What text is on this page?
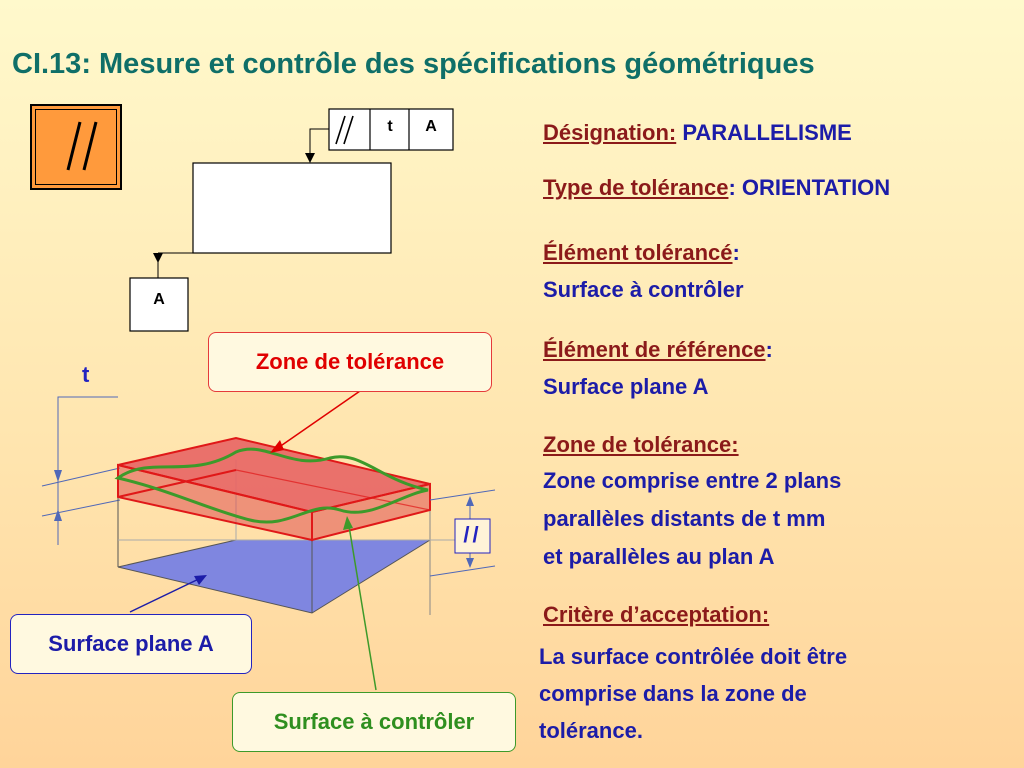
CI.13: Mesure et contrôle des spécifications géométriques
t	A
A
t
//
Zone de tolérance
Surface plane A
Surface à contrôler
Désignation: PARALLELISME
Type de tolérance: ORIENTATION
Élément tolérancé:
Surface à contrôler
Élément de référence:
Surface plane A
Zone de tolérance:
Zone comprise entre 2 plans
parallèles distants de t mm
et parallèles au plan A
Critère d’acceptation:
La surface contrôlée doit être
comprise dans la zone de
tolérance.
